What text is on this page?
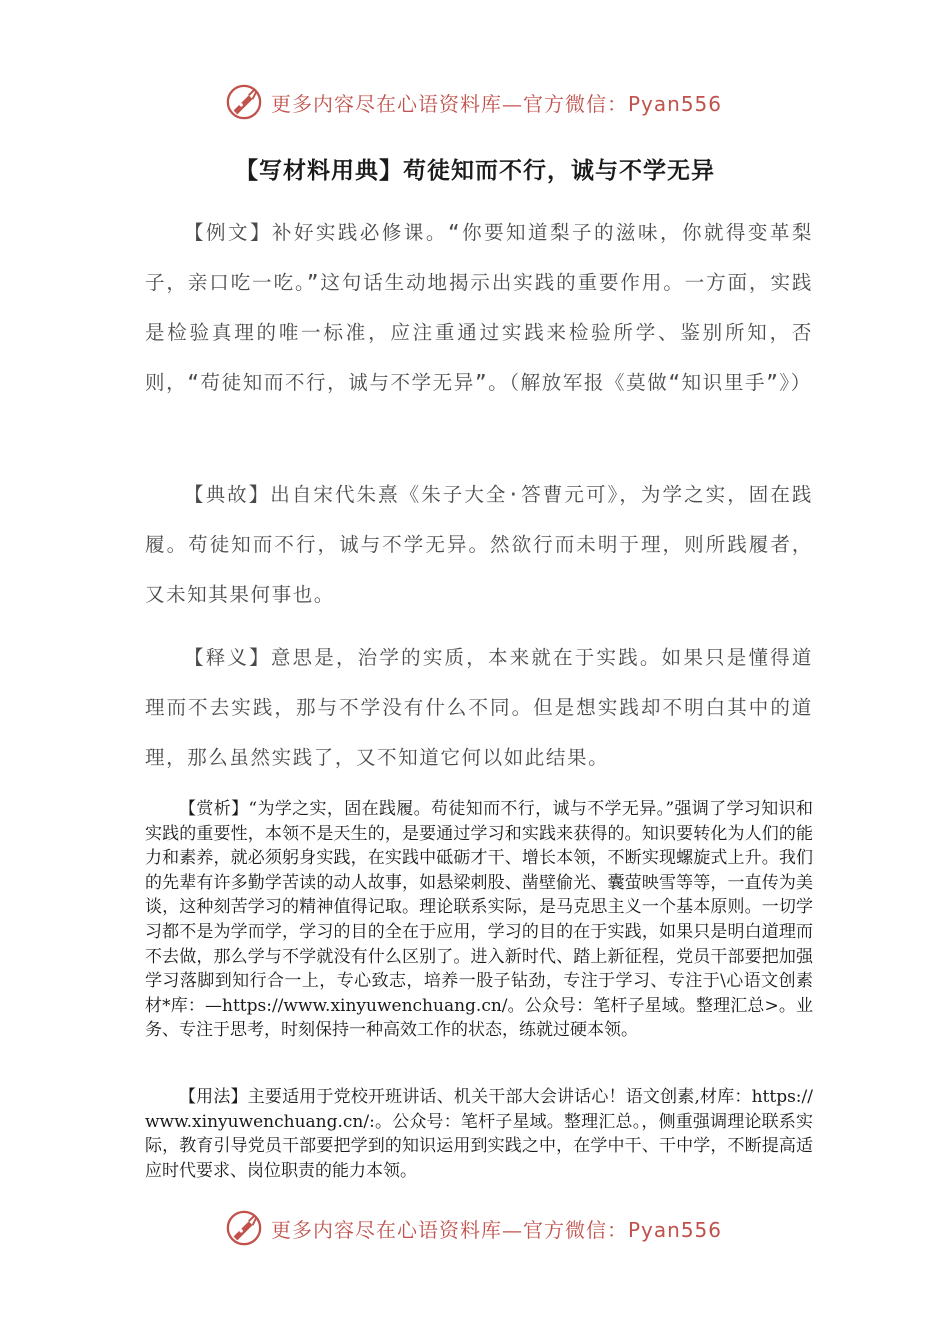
更多内容尽在心语资料库—官方微信：Pyan556
【写材料用典】苟徒知而不行，诚与不学无异

【例文】补好实践必修课。“你要知道梨子的滋味，你就得变革梨子，亲口吃一吃。”这句话生动地揭示出实践的重要作用。一方面，实践是检验真理的唯一标准，应注重通过实践来检验所学、鉴别所知，否则，“苟徒知而不行，诚与不学无异”。（解放军报《莫做“知识里手”》）

【典故】出自宋代朱熹《朱子大全·答曹元可》，为学之实，固在践履。苟徒知而不行，诚与不学无异。然欲行而未明于理，则所践履者，又未知其果何事也。

【释义】意思是，治学的实质，本来就在于实践。如果只是懂得道理而不去实践，那与不学没有什么不同。但是想实践却不明白其中的道理，那么虽然实践了，又不知道它何以如此结果。

【赏析】“为学之实，固在践履。苟徒知而不行，诚与不学无异。”强调了学习知识和实践的重要性，本领不是天生的，是要通过学习和实践来获得的。知识要转化为人们的能力和素养，就必须躬身实践，在实践中砥砺才干、增长本领，不断实现螺旋式上升。我们的先辈有许多勤学苦读的动人故事，如悬梁刺股、凿壁偷光、囊萤映雪等等，一直传为美谈，这种刻苦学习的精神值得记取。理论联系实际，是马克思主义一个基本原则。一切学习都不是为学而学，学习的目的全在于应用，学习的目的在于实践，如果只是明白道理而不去做，那么学与不学就没有什么区别了。进入新时代、踏上新征程，党员干部要把加强学习落脚到知行合一上，专心致志，培养一股子钻劲，专注于学习、专注于\心语文创素材*库：—https://www.xinyuwenchuang.cn/。公众号：笔杆子星域。整理汇总>。业务、专注于思考，时刻保持一种高效工作的状态，练就过硬本领。

【用法】主要适用于党校开班讲话、机关干部大会讲话心！语文创素,材库：https://www.xinyuwenchuang.cn/:。公众号：笔杆子星域。整理汇总。，侧重强调理论联系实际，教育引导党员干部要把学到的知识运用到实践之中，在学中干、干中学，不断提高适应时代要求、岗位职责的能力本领。

更多内容尽在心语资料库—官方微信：Pyan556
